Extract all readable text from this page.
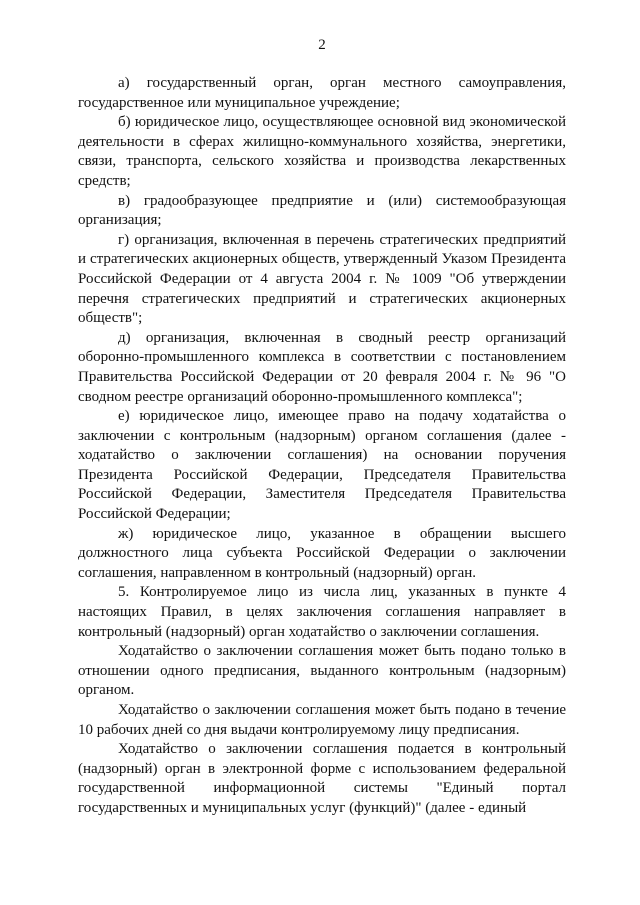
2

а) государственный орган, орган местного самоуправления, государственное или муниципальное учреждение;

б) юридическое лицо, осуществляющее основной вид экономической деятельности в сферах жилищно-коммунального хозяйства, энергетики, связи, транспорта, сельского хозяйства и производства лекарственных средств;

в) градообразующее предприятие и (или) системообразующая организация;

г) организация, включенная в перечень стратегических предприятий и стратегических акционерных обществ, утвержденный Указом Президента Российской Федерации от 4 августа 2004 г. № 1009 "Об утверждении перечня стратегических предприятий и стратегических акционерных обществ";

д) организация, включенная в сводный реестр организаций оборонно-промышленного комплекса в соответствии с постановлением Правительства Российской Федерации от 20 февраля 2004 г. № 96 "О сводном реестре организаций оборонно-промышленного комплекса";

е) юридическое лицо, имеющее право на подачу ходатайства о заключении с контрольным (надзорным) органом соглашения (далее - ходатайство о заключении соглашения) на основании поручения Президента Российской Федерации, Председателя Правительства Российской Федерации, Заместителя Председателя Правительства Российской Федерации;

ж) юридическое лицо, указанное в обращении высшего должностного лица субъекта Российской Федерации о заключении соглашения, направленном в контрольный (надзорный) орган.

5. Контролируемое лицо из числа лиц, указанных в пункте 4 настоящих Правил, в целях заключения соглашения направляет в контрольный (надзорный) орган ходатайство о заключении соглашения.

Ходатайство о заключении соглашения может быть подано только в отношении одного предписания, выданного контрольным (надзорным) органом.

Ходатайство о заключении соглашения может быть подано в течение 10 рабочих дней со дня выдачи контролируемому лицу предписания.

Ходатайство о заключении соглашения подается в контрольный (надзорный) орган в электронной форме с использованием федеральной государственной информационной системы "Единый портал государственных и муниципальных услуг (функций)" (далее - единый
